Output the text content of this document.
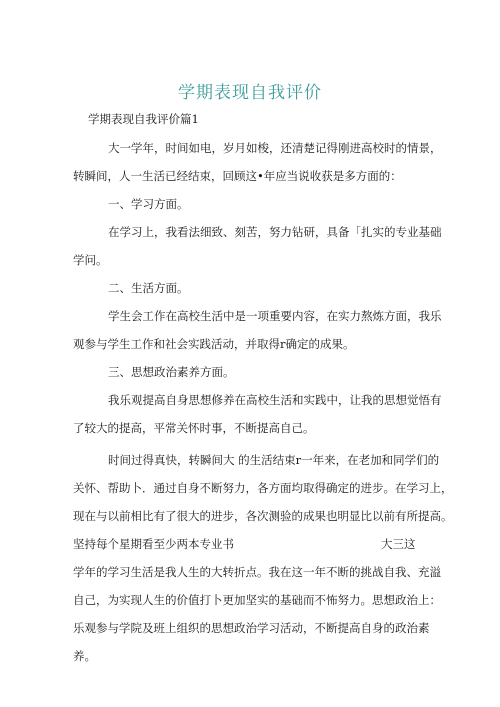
学期表现自我评价
学期表现自我评价篇1
大一学年，时间如电，岁月如梭，还清楚记得刚进高校时的情景，
转瞬间，人一生活已经结束，回顾这•年应当说收获是多方面的：
一、学习方面。
在学习上，我看法细致、刻苦，努力钻研，具备「扎实的专业基础
学问。
二、生活方面。
学生会工作在高校生活中是一项重要内容，在实力熬炼方面，我乐
观参与学生工作和社会实践活动，并取得r确定的成果。
三、思想政治素养方面。
我乐观提高自身思想修养在高校生活和实践中，让我的思想觉悟有
了较大的提高，平常关怀时事，不断提高自己。
时间过得真快，转瞬间大 的生活结束r一年来，在老加和同学们的
关怀、帮助卜．通过自身不断努力，各方面均取得确定的进步。在学习上，
现在与以前相比有了很大的进步，各次测验的成果也明显比以前有所提高。
坚持每个星期看至少两本专业书	大三这
学年的学习生活是我人生的大转折点。我在这一年不断的挑战自我、充溢
自己，为实现人生的价值打卜更加坚实的基础而不怖努力。思想政治上：
乐观参与学院及班上组织的思想政治学习活动，不断提高自身的政治素
养。
